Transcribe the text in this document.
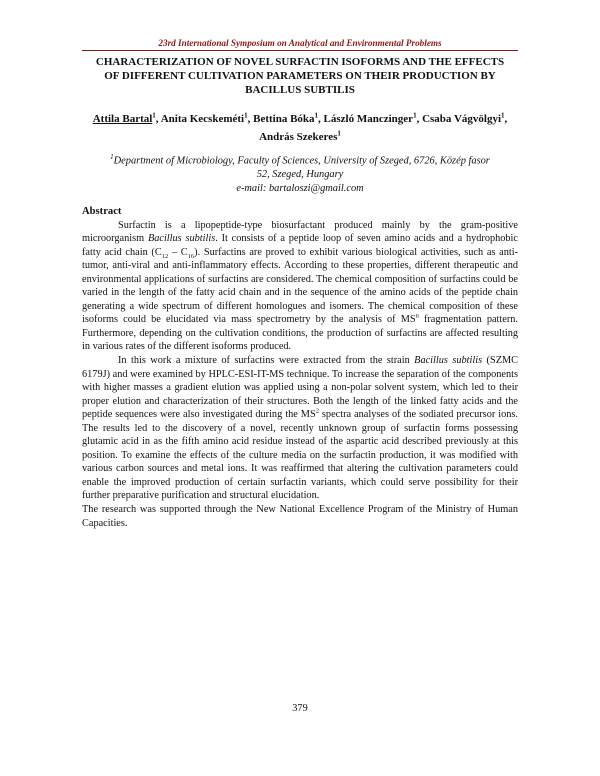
23rd International Symposium on Analytical and Environmental Problems
CHARACTERIZATION OF NOVEL SURFACTIN ISOFORMS AND THE EFFECTS
OF DIFFERENT CULTIVATION PARAMETERS ON THEIR PRODUCTION BY
BACILLUS SUBTILIS
Attila Bartal$^1$, Anita Kecskeméti$^1$, Bettina Bóka$^1$, László Manczinger$^1$, Csaba Vágvölgyi$^1$,
András Szekeres$^1$
$^1$Department of Microbiology, Faculty of Sciences, University of Szeged, 6726, Közép fasor
52, Szeged, Hungary
e-mail: bartaloszi@gmail.com
Abstract

Surfactin is a lipopeptide-type biosurfactant produced mainly by the gram-positive microorganism Bacillus subtilis. It consists of a peptide loop of seven amino acids and a hydrophobic fatty acid chain $(C_{12} - C_{16})$. Surfactins are proved to exhibit various biological activities, such as anti-tumor, anti-viral and anti-inflammatory effects. According to these properties, different therapeutic and environmental applications of surfactins are considered. The chemical composition of surfactins could be varied in the length of the fatty acid chain and in the sequence of the amino acids of the peptide chain generating a wide spectrum of different homologues and isomers. The chemical composition of these isoforms could be elucidated via mass spectrometry by the analysis of $MS^n$ fragmentation pattern. Furthermore, depending on the cultivation conditions, the production of surfactins are affected resulting in various rates of the different isoforms produced.

In this work a mixture of surfactins were extracted from the strain Bacillus subtilis (SZMC 6179J) and were examined by HPLC-ESI-IT-MS technique. To increase the separation of the components with higher masses a gradient elution was applied using a non-polar solvent system, which led to their proper elution and characterization of their structures. Both the length of the linked fatty acids and the peptide sequences were also investigated during the $MS^2$ spectra analyses of the sodiated precursor ions. The results led to the discovery of a novel, recently unknown group of surfactin forms possessing glutamic acid in as the fifth amino acid residue instead of the aspartic acid described previously at this position. To examine the effects of the culture media on the surfactin production, it was modified with various carbon sources and metal ions. It was reaffirmed that altering the cultivation parameters could enable the improved production of certain surfactin variants, which could serve possibility for their further preparative purification and structural elucidation.

The research was supported through the New National Excellence Program of the Ministry of Human Capacities.

379
